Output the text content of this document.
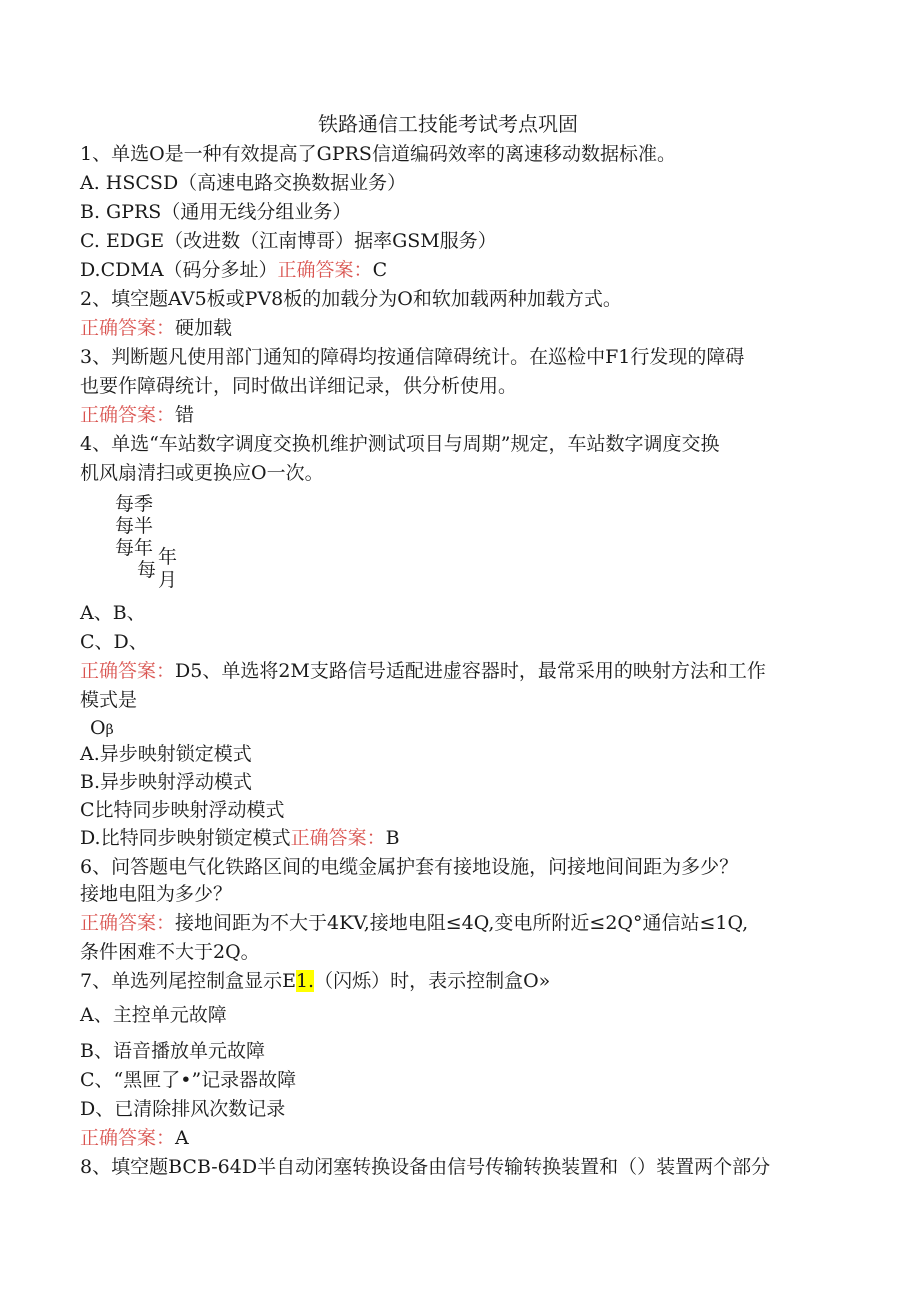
铁路通信工技能考试考点巩固
1、单选O是一种有效提高了GPRS信道编码效率的离速移动数据标准。
A. HSCSD（高速电路交换数据业务）
B. GPRS（通用无线分组业务）
C. EDGE（改进数（江南博哥）据率GSM服务）
D.CDMA（码分多址）正确答案：C
2、填空题AV5板或PV8板的加载分为O和软加载两种加载方式。
正确答案：硬加载
3、判断题凡使用部门通知的障碍均按通信障碍统计。在巡检中F1行发现的障碍
也要作障碍统计，同时做出详细记录，供分析使用。
正确答案：错
4、单选“车站数字调度交换机维护测试项目与周期”规定，车站数字调度交换
机风扇清扫或更换应O一次。
每季
每半
每年 年
每 月
A、B、
C、D、
正确答案：D5、单选将2M支路信号适配进虚容器时，最常采用的映射方法和工作
模式是
Oβ
A.异步映射锁定模式
B.异步映射浮动模式
C比特同步映射浮动模式
D.比特同步映射锁定模式正确答案：B
6、问答题电气化铁路区间的电缆金属护套有接地设施，问接地间间距为多少？
接地电阻为多少？
正确答案：接地间距为不大于4KV,接地电阻≤4Q,变电所附近≤2Q°通信站≤1Q,
条件困难不大于2Q。
7、单选列尾控制盒显示E1.（闪烁）时，表示控制盒O»
A、主控单元故障
B、语音播放单元故障
C、“黑匣了•”记录器故障
D、已清除排风次数记录
正确答案：A
8、填空题BCB-64D半自动闭塞转换设备由信号传输转换装置和（）装置两个部分
